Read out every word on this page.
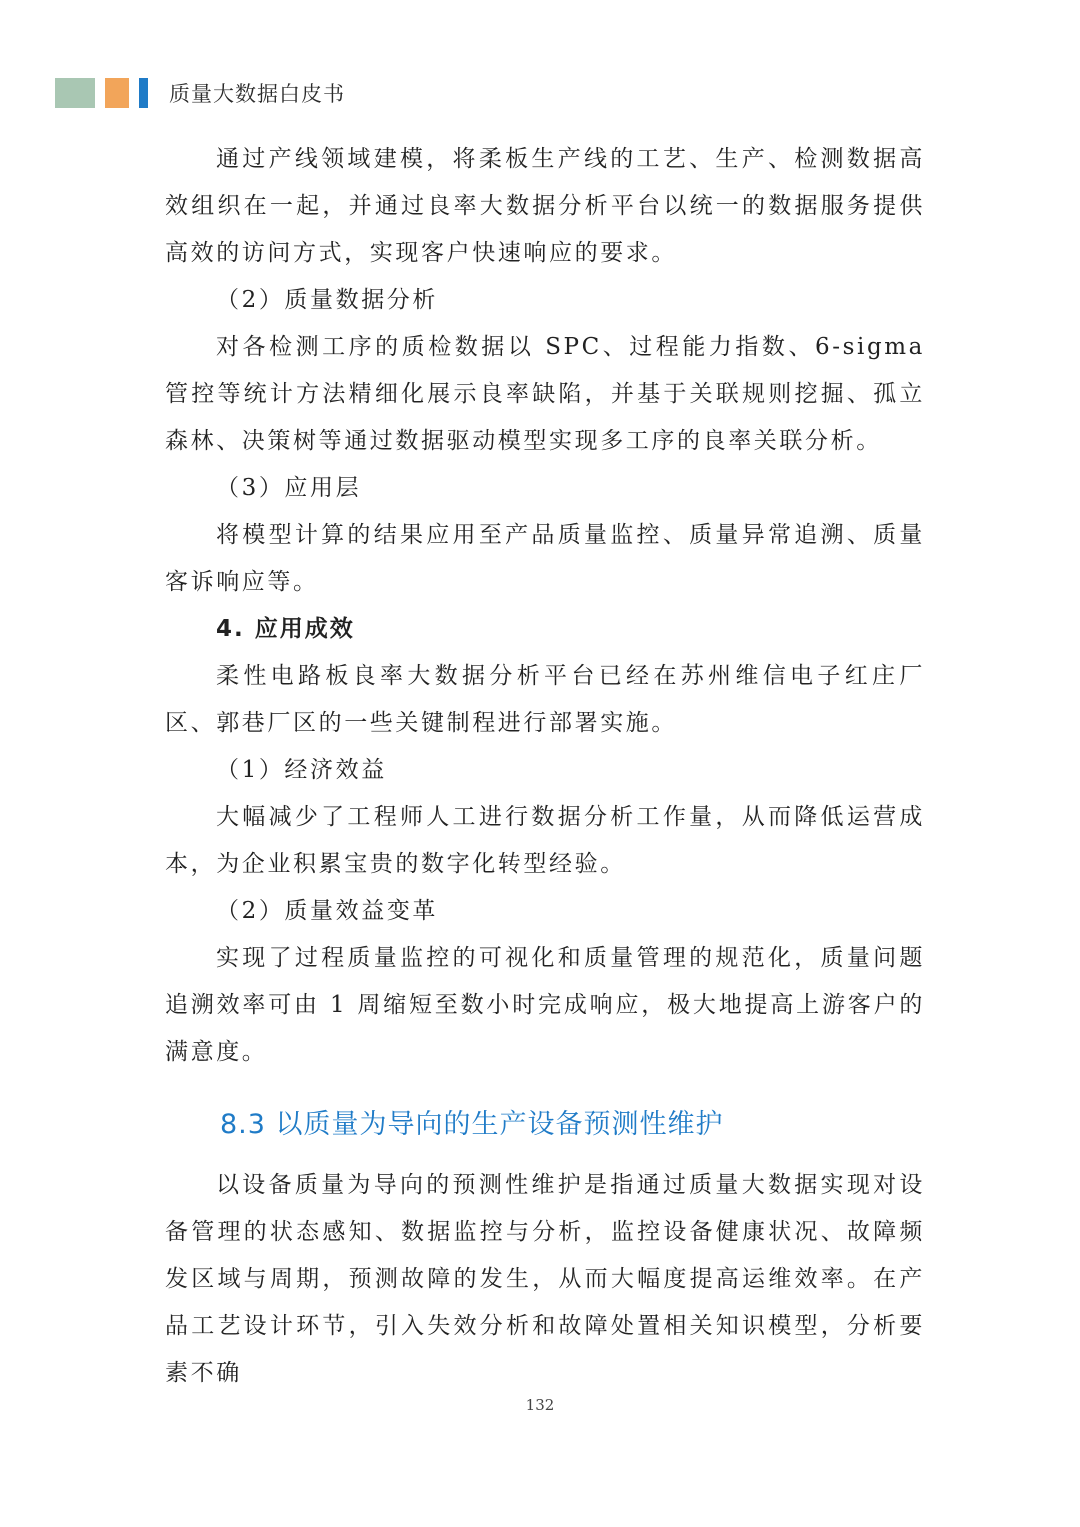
质量大数据白皮书

通过产线领域建模，将柔板生产线的工艺、生产、检测数据高效组织在一起，并通过良率大数据分析平台以统一的数据服务提供高效的访问方式，实现客户快速响应的要求。

（2）质量数据分析

对各检测工序的质检数据以 SPC、过程能力指数、6-sigma 管控等统计方法精细化展示良率缺陷，并基于关联规则挖掘、孤立森林、决策树等通过数据驱动模型实现多工序的良率关联分析。

（3）应用层

将模型计算的结果应用至产品质量监控、质量异常追溯、质量客诉响应等。

4. 应用成效

柔性电路板良率大数据分析平台已经在苏州维信电子红庄厂区、郭巷厂区的一些关键制程进行部署实施。

（1）经济效益

大幅减少了工程师人工进行数据分析工作量，从而降低运营成本，为企业积累宝贵的数字化转型经验。

（2）质量效益变革

实现了过程质量监控的可视化和质量管理的规范化，质量问题追溯效率可由 1 周缩短至数小时完成响应，极大地提高上游客户的满意度。

8.3 以质量为导向的生产设备预测性维护

以设备质量为导向的预测性维护是指通过质量大数据实现对设备管理的状态感知、数据监控与分析，监控设备健康状况、故障频发区域与周期，预测故障的发生，从而大幅度提高运维效率。在产品工艺设计环节，引入失效分析和故障处置相关知识模型，分析要素不确

132
